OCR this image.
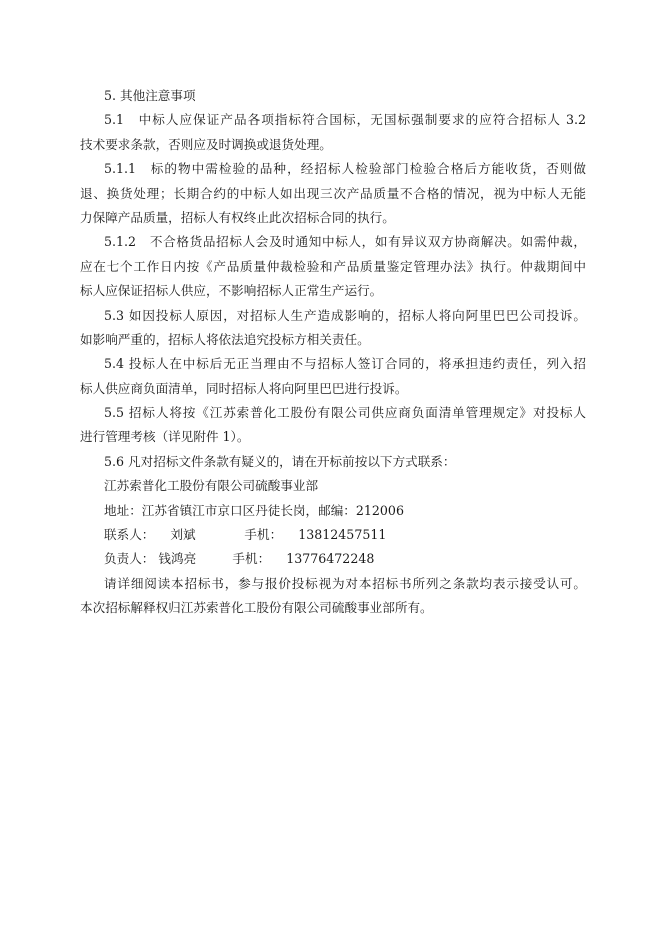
5. 其他注意事项
5.1　中标人应保证产品各项指标符合国标，无国标强制要求的应符合招标人 3.2
技术要求条款，否则应及时调换或退货处理。
5.1.1　标的物中需检验的品种，经招标人检验部门检验合格后方能收货，否则做
退、换货处理；长期合约的中标人如出现三次产品质量不合格的情况，视为中标人无能
力保障产品质量，招标人有权终止此次招标合同的执行。
5.1.2　不合格货品招标人会及时通知中标人，如有异议双方协商解决。如需仲裁，
应在七个工作日内按《产品质量仲裁检验和产品质量鉴定管理办法》执行。仲裁期间中
标人应保证招标人供应，不影响招标人正常生产运行。
5.3 如因投标人原因，对招标人生产造成影响的，招标人将向阿里巴巴公司投诉。
如影响严重的，招标人将依法追究投标方相关责任。
5.4 投标人在中标后无正当理由不与招标人签订合同的，将承担违约责任，列入招
标人供应商负面清单，同时招标人将向阿里巴巴进行投诉。
5.5 招标人将按《江苏索普化工股份有限公司供应商负面清单管理规定》对投标人
进行管理考核（详见附件 1）。
5.6 凡对招标文件条款有疑义的，请在开标前按以下方式联系：
江苏索普化工股份有限公司硫酸事业部
地址：江苏省镇江市京口区丹徒长岗，邮编：212006
联系人： 刘斌	手机： 13812457511
负责人： 钱鸿亮	手机： 13776472248
请详细阅读本招标书，参与报价投标视为对本招标书所列之条款均表示接受认可。
本次招标解释权归江苏索普化工股份有限公司硫酸事业部所有。
